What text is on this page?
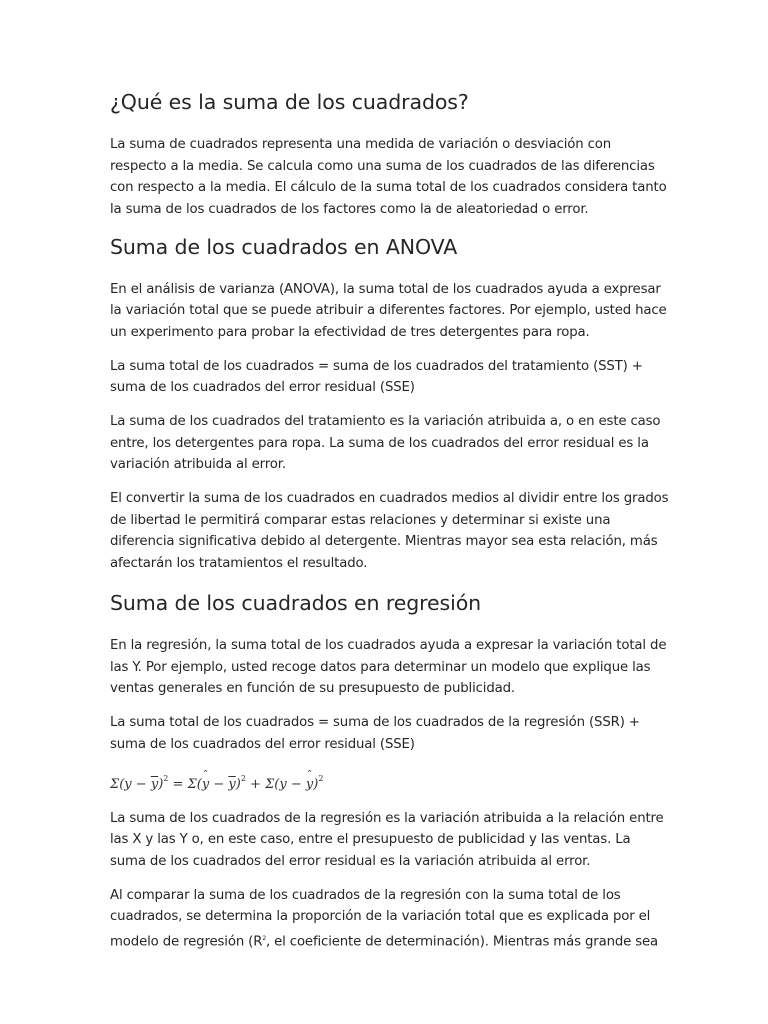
¿Qué es la suma de los cuadrados?

La suma de cuadrados representa una medida de variación o desviación con respecto a la media. Se calcula como una suma de los cuadrados de las diferencias con respecto a la media. El cálculo de la suma total de los cuadrados considera tanto la suma de los cuadrados de los factores como la de aleatoriedad o error.

Suma de los cuadrados en ANOVA

En el análisis de varianza (ANOVA), la suma total de los cuadrados ayuda a expresar la variación total que se puede atribuir a diferentes factores. Por ejemplo, usted hace un experimento para probar la efectividad de tres detergentes para ropa.

La suma total de los cuadrados = suma de los cuadrados del tratamiento (SST) + suma de los cuadrados del error residual (SSE)

La suma de los cuadrados del tratamiento es la variación atribuida a, o en este caso entre, los detergentes para ropa. La suma de los cuadrados del error residual es la variación atribuida al error.

El convertir la suma de los cuadrados en cuadrados medios al dividir entre los grados de libertad le permitirá comparar estas relaciones y determinar si existe una diferencia significativa debido al detergente. Mientras mayor sea esta relación, más afectarán los tratamientos el resultado.

Suma de los cuadrados en regresión

En la regresión, la suma total de los cuadrados ayuda a expresar la variación total de las Y. Por ejemplo, usted recoge datos para determinar un modelo que explique las ventas generales en función de su presupuesto de publicidad.

La suma total de los cuadrados = suma de los cuadrados de la regresión (SSR) + suma de los cuadrados del error residual (SSE)

$\Sigma(y - \overline{y})^2$ = Σ(ˆ $y - \overline{y})^2 + \Sigma(y$ − ˆ y)$^2$

La suma de los cuadrados de la regresión es la variación atribuida a la relación entre las X y las Y o, en este caso, entre el presupuesto de publicidad y las ventas. La suma de los cuadrados del error residual es la variación atribuida al error.

Al comparar la suma de los cuadrados de la regresión con la suma total de los cuadrados, se determina la proporción de la variación total que es explicada por el modelo de regresión ($R^2$, el coeficiente de determinación). Mientras más grande sea
